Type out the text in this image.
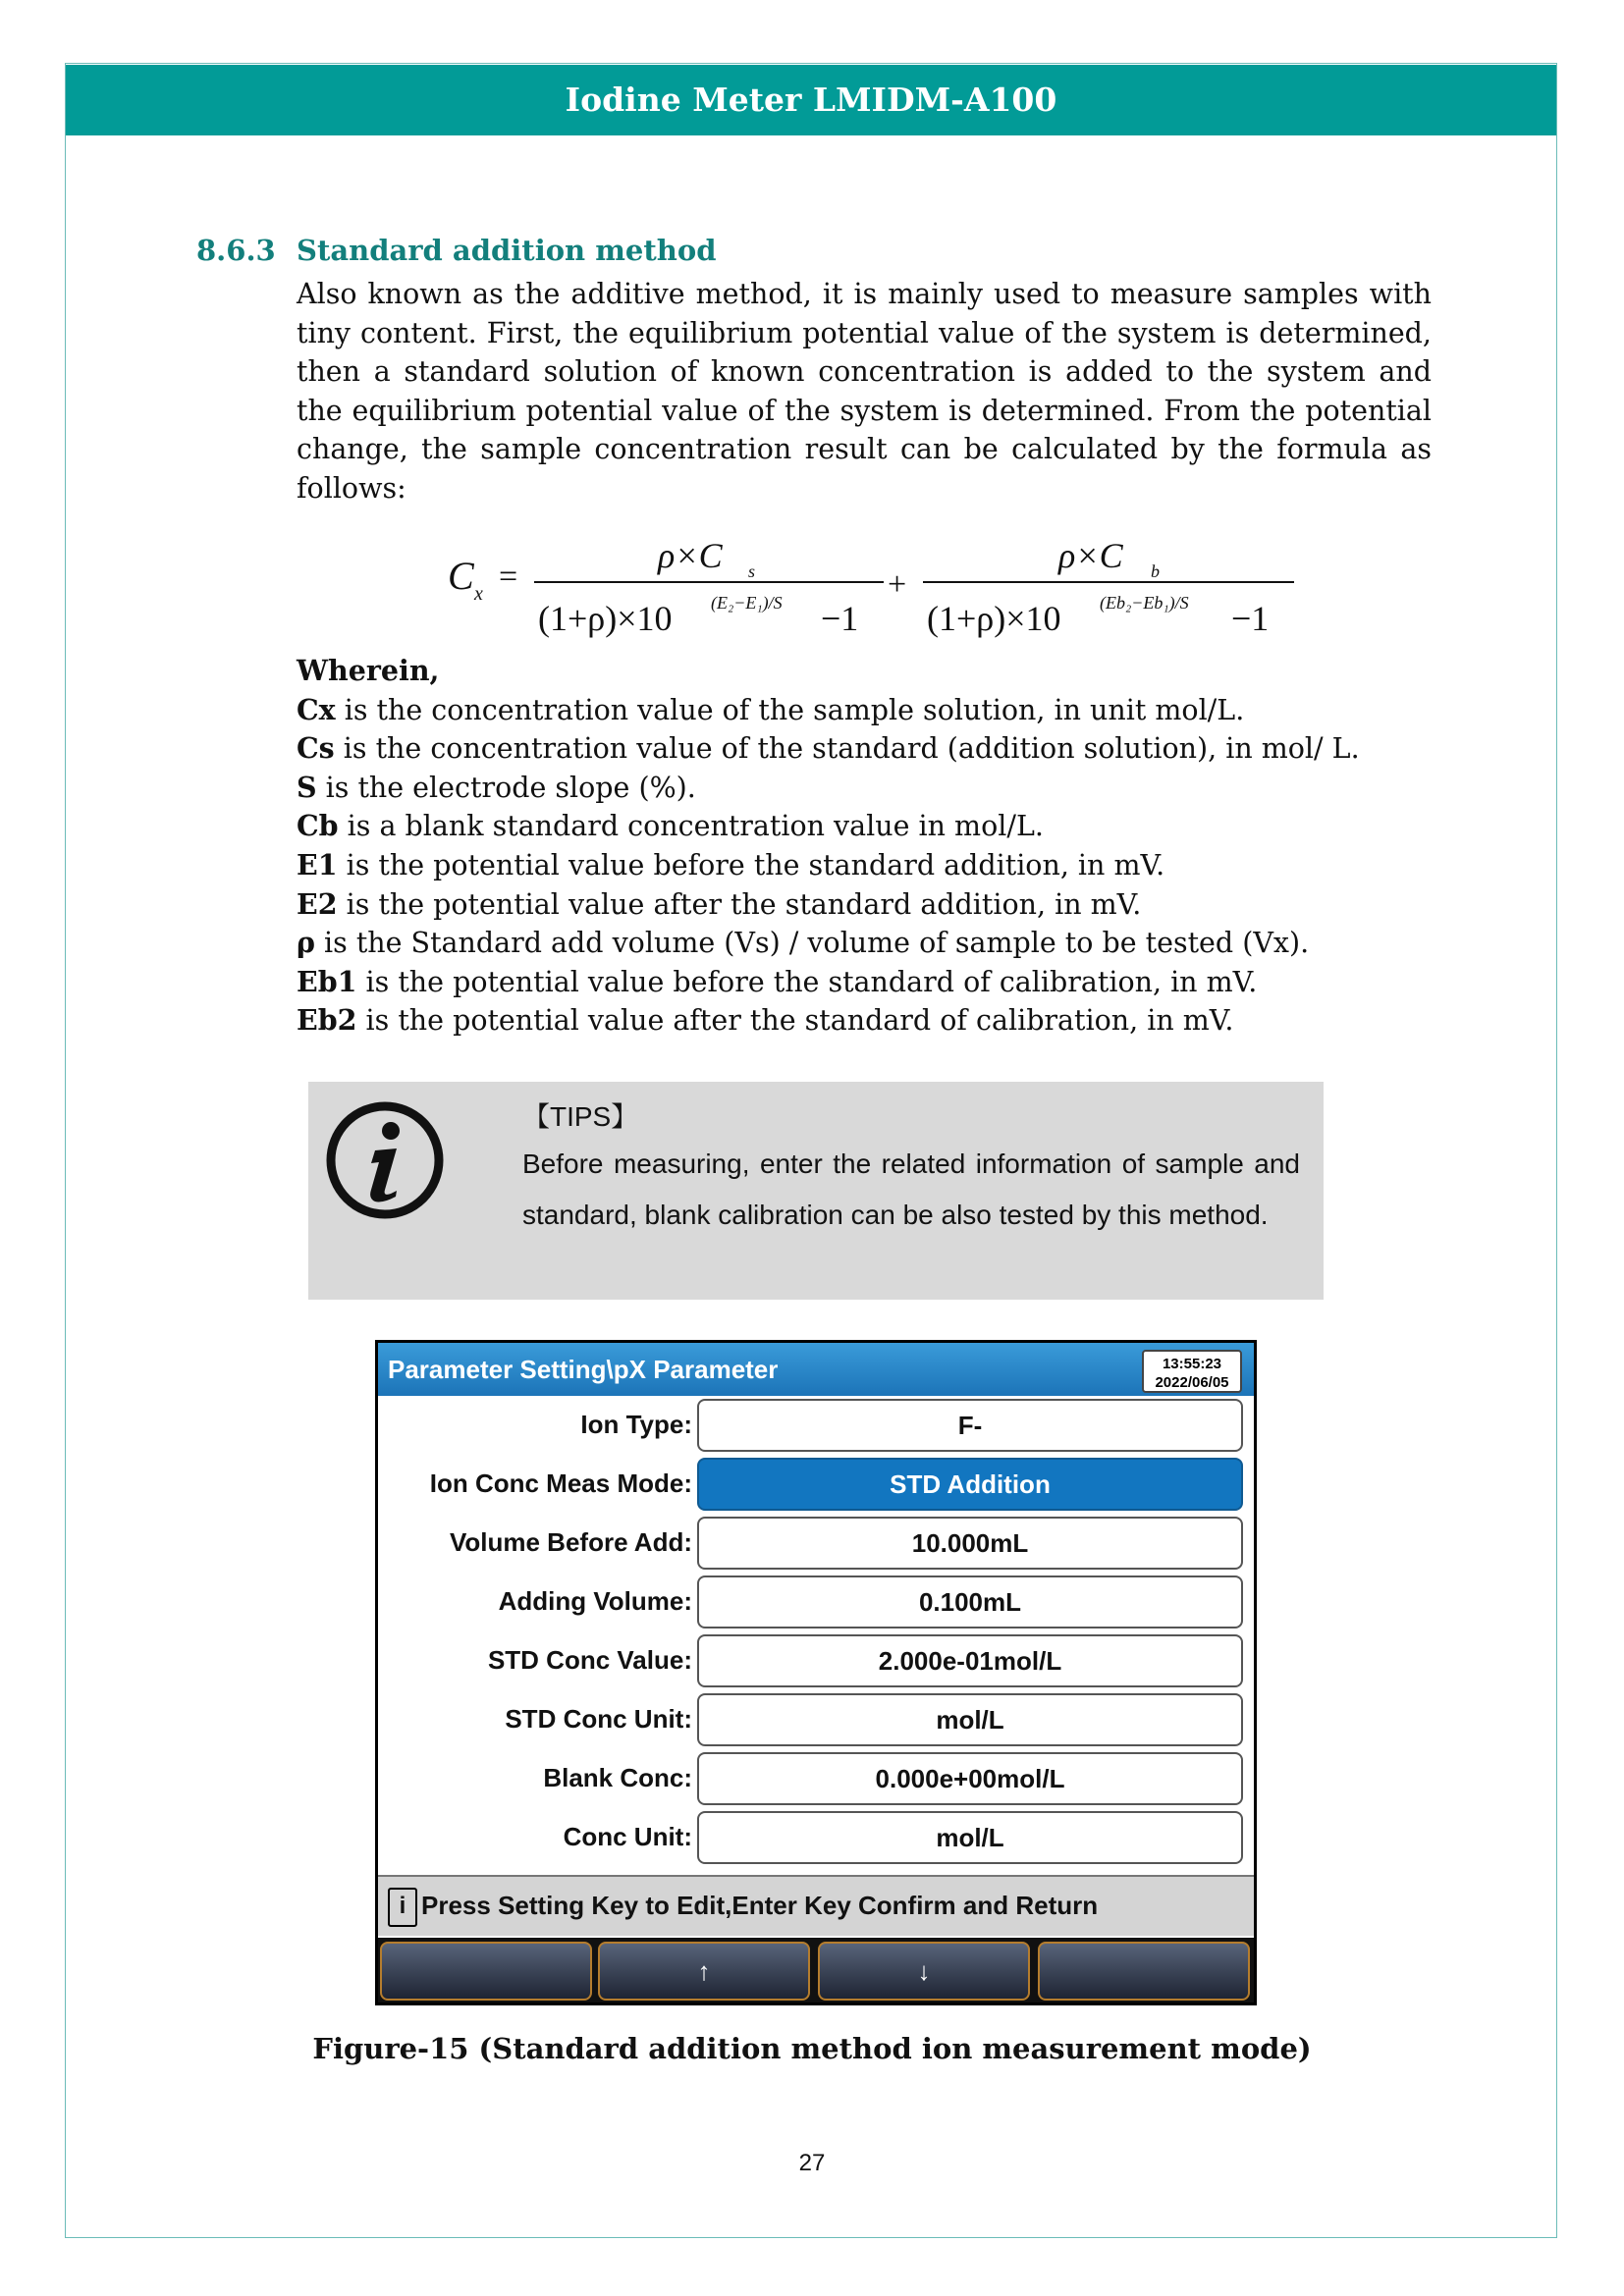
Iodine Meter LMIDM-A100
8.6.3 Standard addition method
Also known as the additive method, it is mainly used to measure samples with tiny content. First, the equilibrium potential value of the system is determined, then a standard solution of known concentration is added to the system and the equilibrium potential value of the system is determined. From the potential change, the sample concentration result can be calculated by the formula as follows:
C x =
ρ×C s
(1+ρ)×10 (E₂−E₁)/S −1
+
ρ×C b
(1+ρ)×10 (Eb₂−Eb₁)/S −1
Wherein,
Cx is the concentration value of the sample solution, in unit mol/L.
Cs is the concentration value of the standard (addition solution), in mol/ L.
S is the electrode slope (%).
Cb is a blank standard concentration value in mol/L.
E1 is the potential value before the standard addition, in mV.
E2 is the potential value after the standard addition, in mV.
ρ is the Standard add volume (Vs) / volume of sample to be tested (Vx).
Eb1 is the potential value before the standard of calibration, in mV.
Eb2 is the potential value after the standard of calibration, in mV.
【TIPS】
Before measuring, enter the related information of sample and standard, blank calibration can be also tested by this method.
Parameter Setting\pX Parameter	13:55:23
2022/06/05
Ion Type:	F-
Ion Conc Meas Mode:	STD Addition
Volume Before Add:	10.000mL
Adding Volume:	0.100mL
STD Conc Value:	2.000e-01mol/L
STD Conc Unit:	mol/L
Blank Conc:	0.000e+00mol/L
Conc Unit:	mol/L
i Press Setting Key to Edit,Enter Key Confirm and Return
↑	↓
Figure-15 (Standard addition method ion measurement mode)
27
